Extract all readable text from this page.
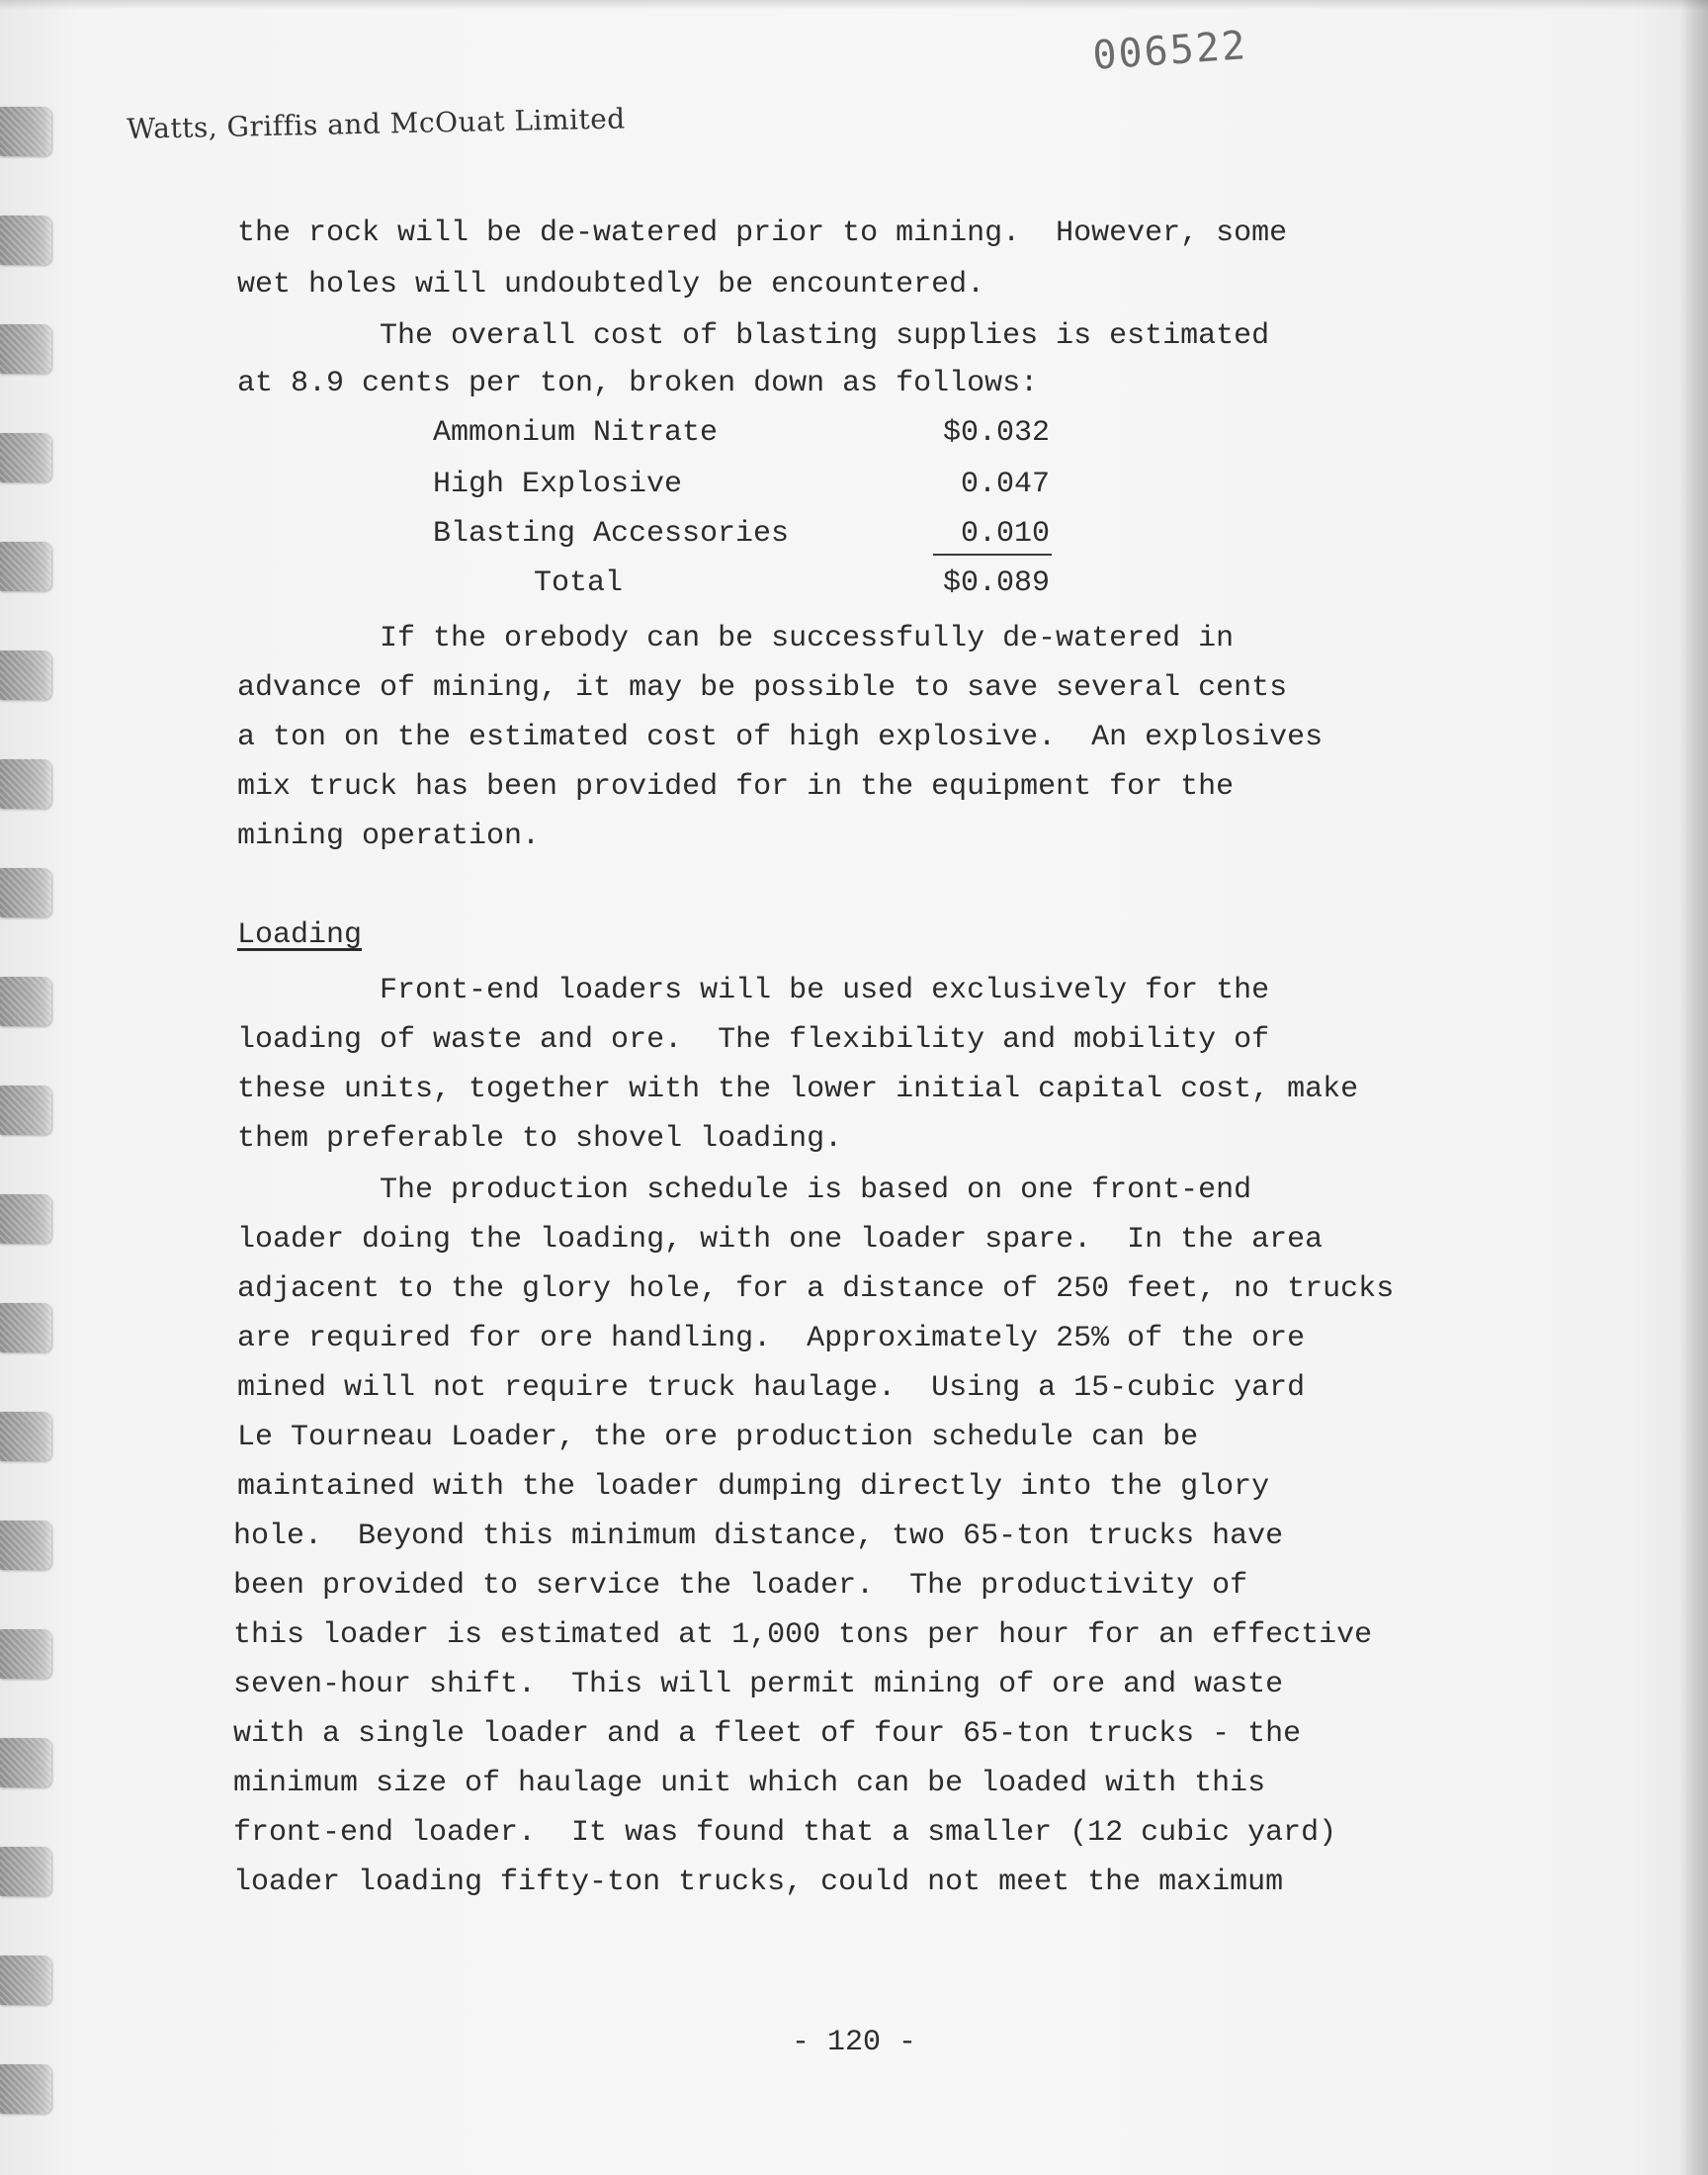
006522
Watts, Griffis and McOuat Limited
the rock will be de-watered prior to mining.  However, some
wet holes will undoubtedly be encountered.
The overall cost of blasting supplies is estimated
at 8.9 cents per ton, broken down as follows:
Ammonium Nitrate	$0.032
High Explosive	0.047
Blasting Accessories	0.010
Total	$0.089
If the orebody can be successfully de-watered in
advance of mining, it may be possible to save several cents
a ton on the estimated cost of high explosive.  An explosives
mix truck has been provided for in the equipment for the
mining operation.
Loading
Front-end loaders will be used exclusively for the
loading of waste and ore.  The flexibility and mobility of
these units, together with the lower initial capital cost, make
them preferable to shovel loading.
The production schedule is based on one front-end
loader doing the loading, with one loader spare.  In the area
adjacent to the glory hole, for a distance of 250 feet, no trucks
are required for ore handling.  Approximately 25% of the ore
mined will not require truck haulage.  Using a 15-cubic yard
Le Tourneau Loader, the ore production schedule can be
maintained with the loader dumping directly into the glory
hole.  Beyond this minimum distance, two 65-ton trucks have
been provided to service the loader.  The productivity of
this loader is estimated at 1,000 tons per hour for an effective
seven-hour shift.  This will permit mining of ore and waste
with a single loader and a fleet of four 65-ton trucks - the
minimum size of haulage unit which can be loaded with this
front-end loader.  It was found that a smaller (12 cubic yard)
loader loading fifty-ton trucks, could not meet the maximum
- 120 -
